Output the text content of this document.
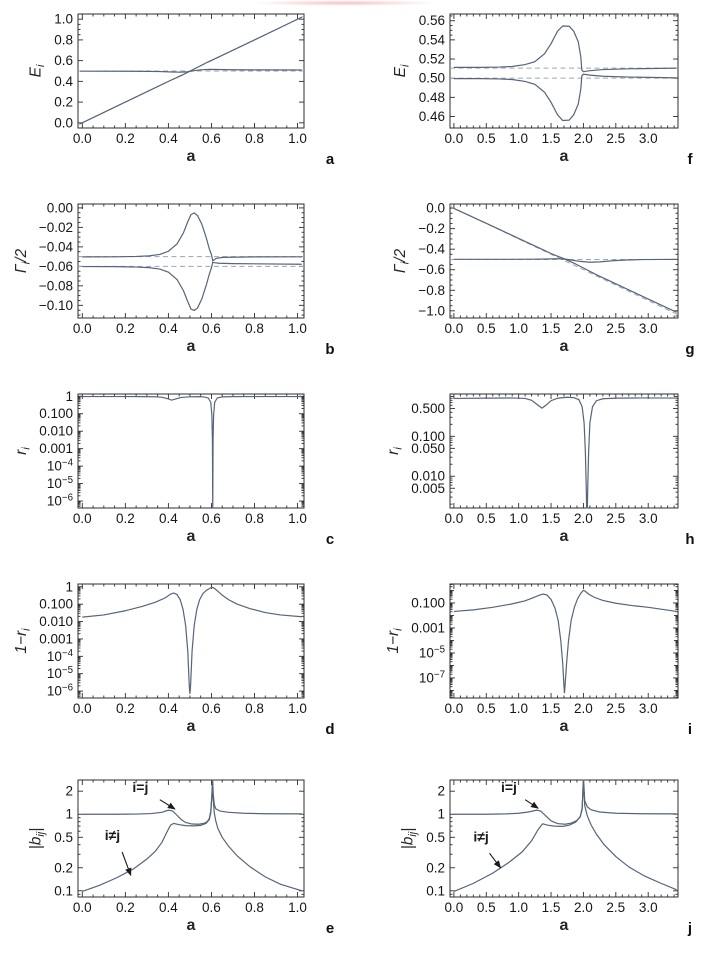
0.0 0.2 0.4 0.6 0.8 1.0
0.0
0.2
0.4
0.6
0.8
1.0
$E_i$
a	a
0.0 0.5 1.0 1.5 2.0 2.5 3.0
0.46
0.48
0.50
0.52
0.54
0.56
$E_i$
a	f
0.0 0.2 0.4 0.6 0.8 1.0
0.00
−0.02
−0.04
−0.06
−0.08
−0.10
$\Gamma_i/2$
a	b
0.0 0.5 1.0 1.5 2.0 2.5 3.0
0.0
−0.2
−0.4
−0.6
−0.8
−1.0
$\Gamma_i/2$
a	g
0.0 0.2 0.4 0.6 0.8 1.0
1
0.100
0.010
0.001
$10^{-4}$
$10^{-5}$
$10^{-6}$
$r_i$
a	c
0.0 0.5 1.0 1.5 2.0 2.5 3.0
0.500
0.100
0.050
0.010
0.005
$r_i$
a	h
0.0 0.2 0.4 0.6 0.8 1.0
1
0.100
0.010
0.001
$10^{-4}$
$10^{-5}$
$10^{-6}$
$1-r_i$
a	d
0.0 0.5 1.0 1.5 2.0 2.5 3.0
0.100
0.001
$10^{-5}$
$10^{-7}$
$1-r_i$
a	i
0.0 0.2 0.4 0.6 0.8 1.0
2
1
0.5
0.2
0.1
$|b_{ij}|$
a	e
i=j
i≠j
0.0 0.5 1.0 1.5 2.0 2.5 3.0
2
1
0.5
0.2
0.1
$|b_{ij}|$
a	j
i=j
i≠j
